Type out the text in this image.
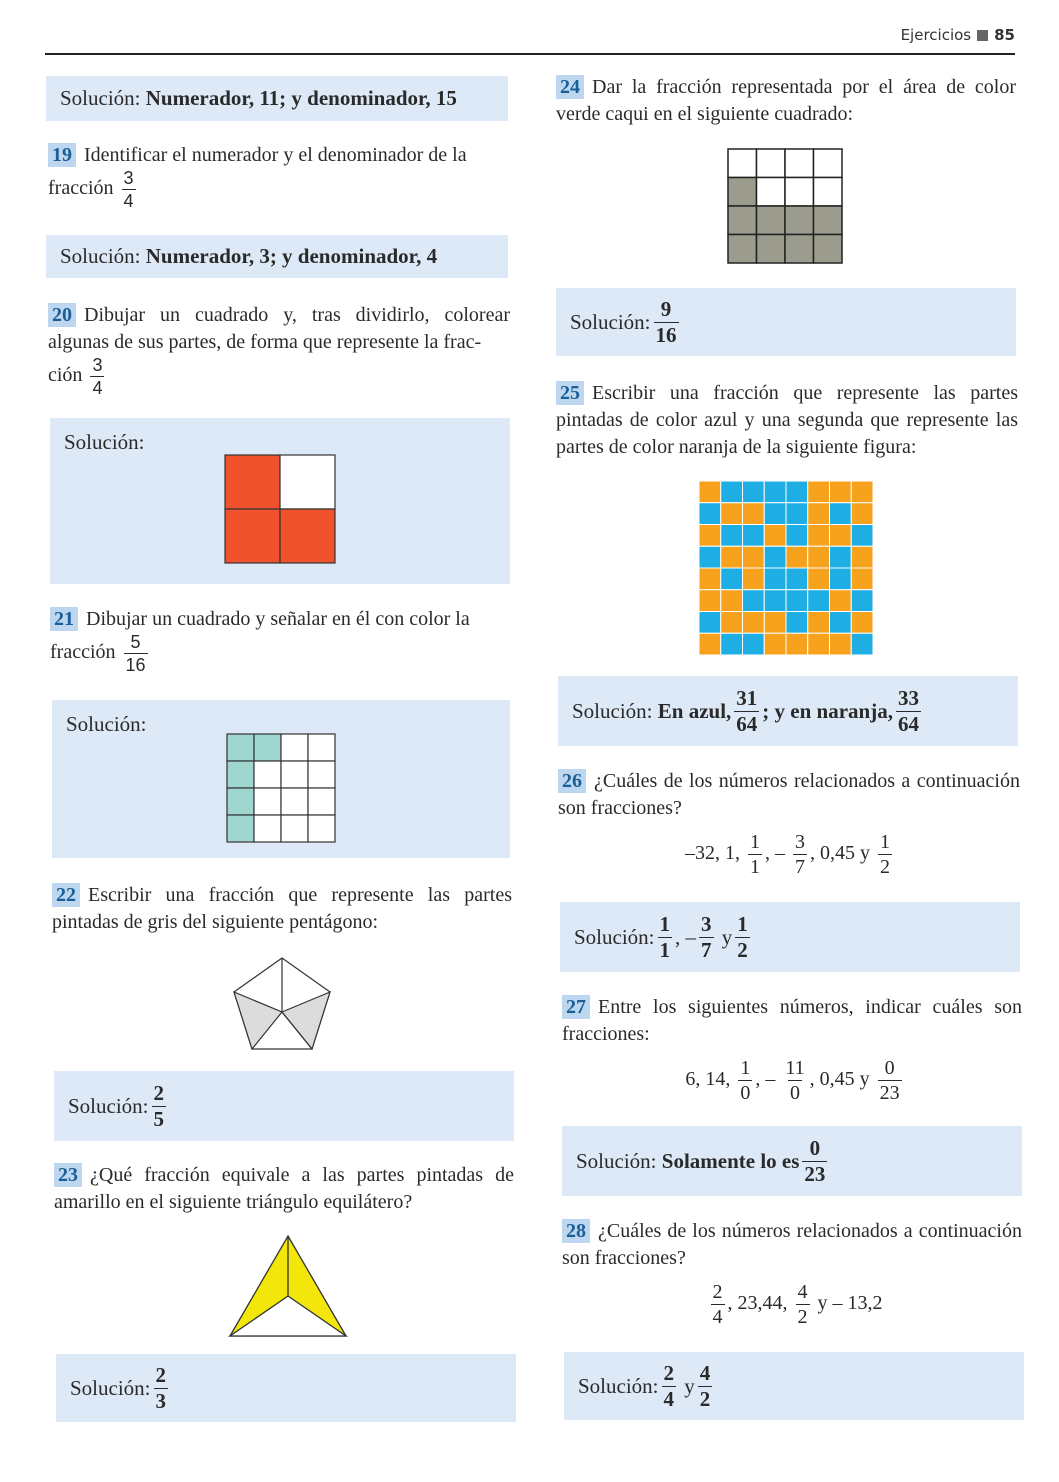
Ejercicios 85
Solución:
Numerador, 11; y denominador, 15
19 Identificar el numerador y el denominador de la
fracción $\frac{3}{4}$
Solución:
Numerador, 3; y denominador, 4
20 Dibujar un cuadrado y, tras dividirlo, colorear algunas de sus partes, de forma que represente la frac-
ción $\frac{3}{4}$
Solución:
21 Dibujar un cuadrado y señalar en él con color la
fracción $\frac{5}{16}$
Solución:
22 Escribir una fracción que represente las partes pintadas de gris del siguiente pentágono:
Solución: $\frac{2}{5}$
23 ¿Qué fracción equivale a las partes pintadas de amarillo en el siguiente triángulo equilátero?
Solución: $\frac{2}{3}$
24 Dar la fracción representada por el área de color verde caqui en el siguiente cuadrado:
Solución: $\frac{9}{16}$
25 Escribir una fracción que represente las partes pintadas de color azul y una segunda que represente las partes de color naranja de la siguiente figura:
Solución:
En azul, $\frac{31}{64}$ ; y en naranja, $\frac{33}{64}$
26 ¿Cuáles de los números relacionados a continuación son fracciones?
–32, 1, $\frac{1}{1}$ , – $\frac{3}{7}$ , 0,45 y $\frac{1}{2}$
Solución: $\frac{1}{1}$ , – $\frac{3}{7}$
y $\frac{1}{2}$
27 Entre los siguientes números, indicar cuáles son fracciones:
6, 14, $\frac{1}{0}$ , – $\frac{11}{0}$ , 0,45 y $\frac{0}{23}$
Solución:
Solamente lo es $\frac{0}{23}$
28 ¿Cuáles de los números relacionados a continuación son fracciones?
$\frac{2}{4}$ , 23,44, $\frac{4}{2}$ y – 13,2
Solución: $\frac{2}{4}$
y $\frac{4}{2}$
